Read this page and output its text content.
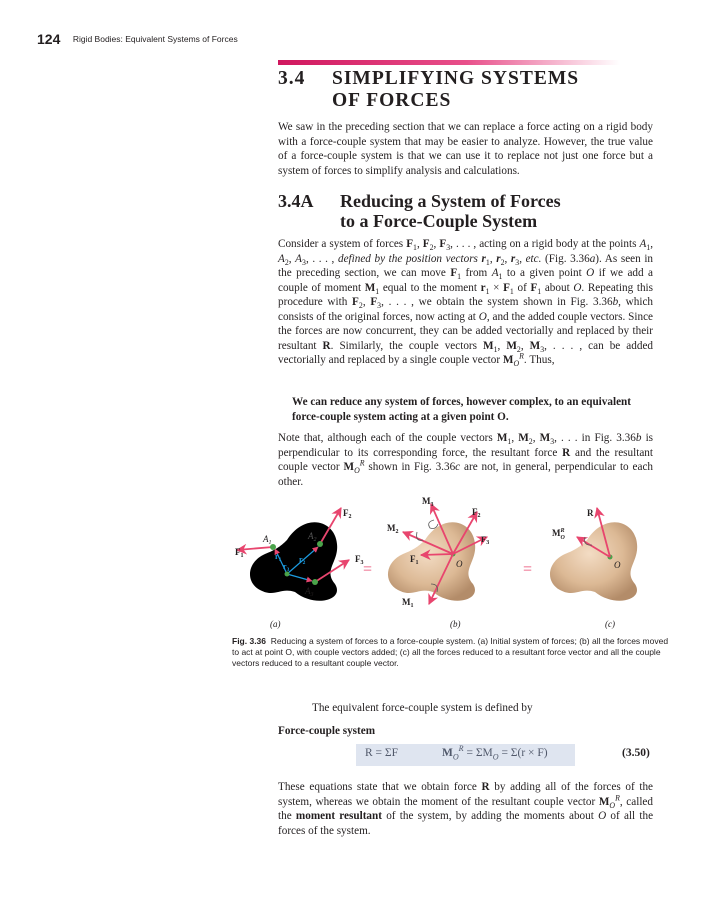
124 Rigid Bodies: Equivalent Systems of Forces
3.4 SIMPLIFYING SYSTEMS
OF FORCES
We saw in the preceding section that we can replace a force acting on a rigid body with a force-couple system that may be easier to analyze. However, the true value of a force-couple system is that we can use it to replace not just one force but a system of forces to simplify analysis and calculations.
3.4A Reducing a System of Forces
to a Force-Couple System
Consider a system of forces $F_1$, $F_2$, $F_3$, . . . , acting on a rigid body at the points $A_1$, $A_2$, $A_3$, . . . , defined by the position vectors $r_1$, $r_2$, $r_3$, etc. (Fig. 3.36a). As seen in the preceding section, we can move $F_1$ from $A_1$ to a given point O if we add a couple of moment $M_1$ equal to the moment $r_1 \times F_1$ of $F_1$ about O. Repeating this procedure with $F_2$, $F_3$, . . . , we obtain the system shown in Fig. 3.36b, which consists of the original forces, now acting at O, and the added couple vectors. Since the forces are now concurrent, they can be added vectorially and replaced by their resultant R. Similarly, the couple vectors $M_1$, $M_2$, $M_3$, . . . , can be added vectorially and replaced by a single couple vector $M_O^R$. Thus,
We can reduce any system of forces, however complex, to an equivalent force-couple system acting at a given point O.
Note that, although each of the couple vectors $M_1$, $M_2$, $M_3$, . . . in Fig. 3.36b is perpendicular to its corresponding force, the resultant force R and the resultant couple vector $M_O^R$ shown in Fig. 3.36c are not, in general, perpendicular to each other.
$A_1$
$A_2$
$A_3$
$F_1$
$F_2$
$F_3$
$r_1$ $r_2$
$r_3$	=	O
$M_3$
$M_2$
$F_2$
$F_3$
$F_1$
$M_1$
=
R
$M^R$ O
O
(a)	(b)	(c)
Fig. 3.36 Reducing a system of forces to a force-couple system. (a) Initial system of forces; (b) all the forces moved to act at point O, with couple vectors added; (c) all the forces reduced to a resultant force vector and all the couple vectors reduced to a resultant couple vector.
The equivalent force-couple system is defined by
Force-couple system
R = ΣF	$M_O^R = \Sigma M_O = \Sigma(r \times F)$	(3.50)
These equations state that we obtain force R by adding all of the forces of the system, whereas we obtain the moment of the resultant couple vector $M_O^R$, called the moment resultant of the system, by adding the moments about O of all the forces of the system.
